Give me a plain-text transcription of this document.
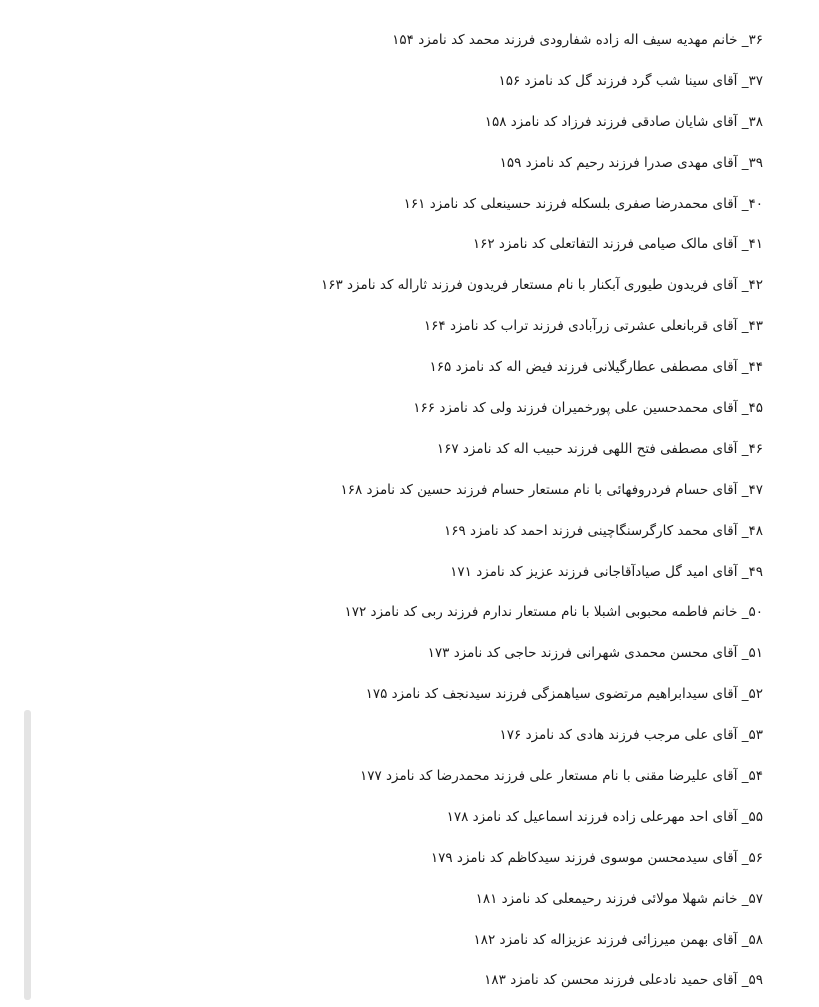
۳۶_ خانم مهدیه سیف اله زاده شفارودی فرزند محمد کد نامزد ۱۵۴
۳۷_ آقای سینا شب گرد فرزند گل کد نامزد ۱۵۶
۳۸_ آقای شایان صادقی فرزند فرزاد کد نامزد ۱۵۸
۳۹_ آقای مهدی صدرا فرزند رحیم کد نامزد ۱۵۹
۴۰_ آقای محمدرضا صفری بلسکله فرزند حسینعلی کد نامزد ۱۶۱
۴۱_ آقای مالک صیامی فرزند التفاتعلی کد نامزد ۱۶۲
۴۲_ آقای فریدون طیوری آبکنار با نام مستعار فریدون فرزند ثاراله کد نامزد ۱۶۳
۴۳_ آقای قربانعلی عشرتی زرآبادی فرزند تراب کد نامزد ۱۶۴
۴۴_ آقای مصطفی عطارگیلانی فرزند فیض اله کد نامزد ۱۶۵
۴۵_ آقای محمدحسین علی پورخمیران فرزند ولی کد نامزد ۱۶۶
۴۶_ آقای مصطفی فتح اللهی فرزند حبیب اله کد نامزد ۱۶۷
۴۷_ آقای حسام فردروفهائی با نام مستعار حسام فرزند حسین کد نامزد ۱۶۸
۴۸_ آقای محمد کارگرسنگاچینی فرزند احمد کد نامزد ۱۶۹
۴۹_ آقای امید گل صیادآقاجانی فرزند عزیز کد نامزد ۱۷۱
۵۰_ خانم فاطمه محبوبی اشبلا با نام مستعار ندارم فرزند ربی کد نامزد ۱۷۲
۵۱_ آقای محسن محمدی شهرانی فرزند حاجی کد نامزد ۱۷۳
۵۲_ آقای سیدابراهیم مرتضوی سیاهمزگی فرزند سیدنجف کد نامزد ۱۷۵
۵۳_ آقای علی مرجب فرزند هادی کد نامزد ۱۷۶
۵۴_ آقای علیرضا مقنی با نام مستعار علی فرزند محمدرضا کد نامزد ۱۷۷
۵۵_ آقای احد مهرعلی زاده فرزند اسماعیل کد نامزد ۱۷۸
۵۶_ آقای سیدمحسن موسوی فرزند سیدکاظم کد نامزد ۱۷۹
۵۷_ خانم شهلا مولائی فرزند رحیمعلی کد نامزد ۱۸۱
۵۸_ آقای بهمن میرزائی فرزند عزیزاله کد نامزد ۱۸۲
۵۹_ آقای حمید نادعلی فرزند محسن کد نامزد ۱۸۳
